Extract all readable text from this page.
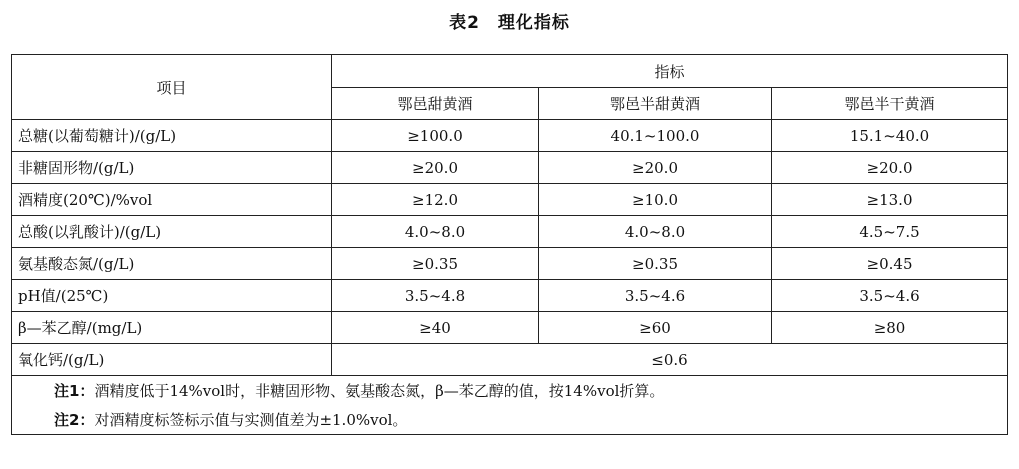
表2　理化指标
项目	指标		
	鄂邑甜黄酒	鄂邑半甜黄酒	鄂邑半干黄酒
总糖(以葡萄糖计)/(g/L)	≥100.0	40.1~100.0	15.1~40.0
非糖固形物/(g/L)	≥20.0	≥20.0	≥20.0
酒精度(20℃)/%vol	≥12.0	≥10.0	≥13.0
总酸(以乳酸计)/(g/L)	4.0~8.0	4.0~8.0	4.5~7.5
氨基酸态氮/(g/L)	≥0.35	≥0.35	≥0.45
pH值/(25℃)	3.5~4.8	3.5~4.6	3.5~4.6
β—苯乙醇/(mg/L)	≥40	≥60	≥80
氧化钙/(g/L)	≤0.6		
注1：酒精度低于14%vol时，非糖固形物、氨基酸态氮，β—苯乙醇的值，按14%vol折算。			
注2：对酒精度标签标示值与实测值差为±1.0%vol。			
